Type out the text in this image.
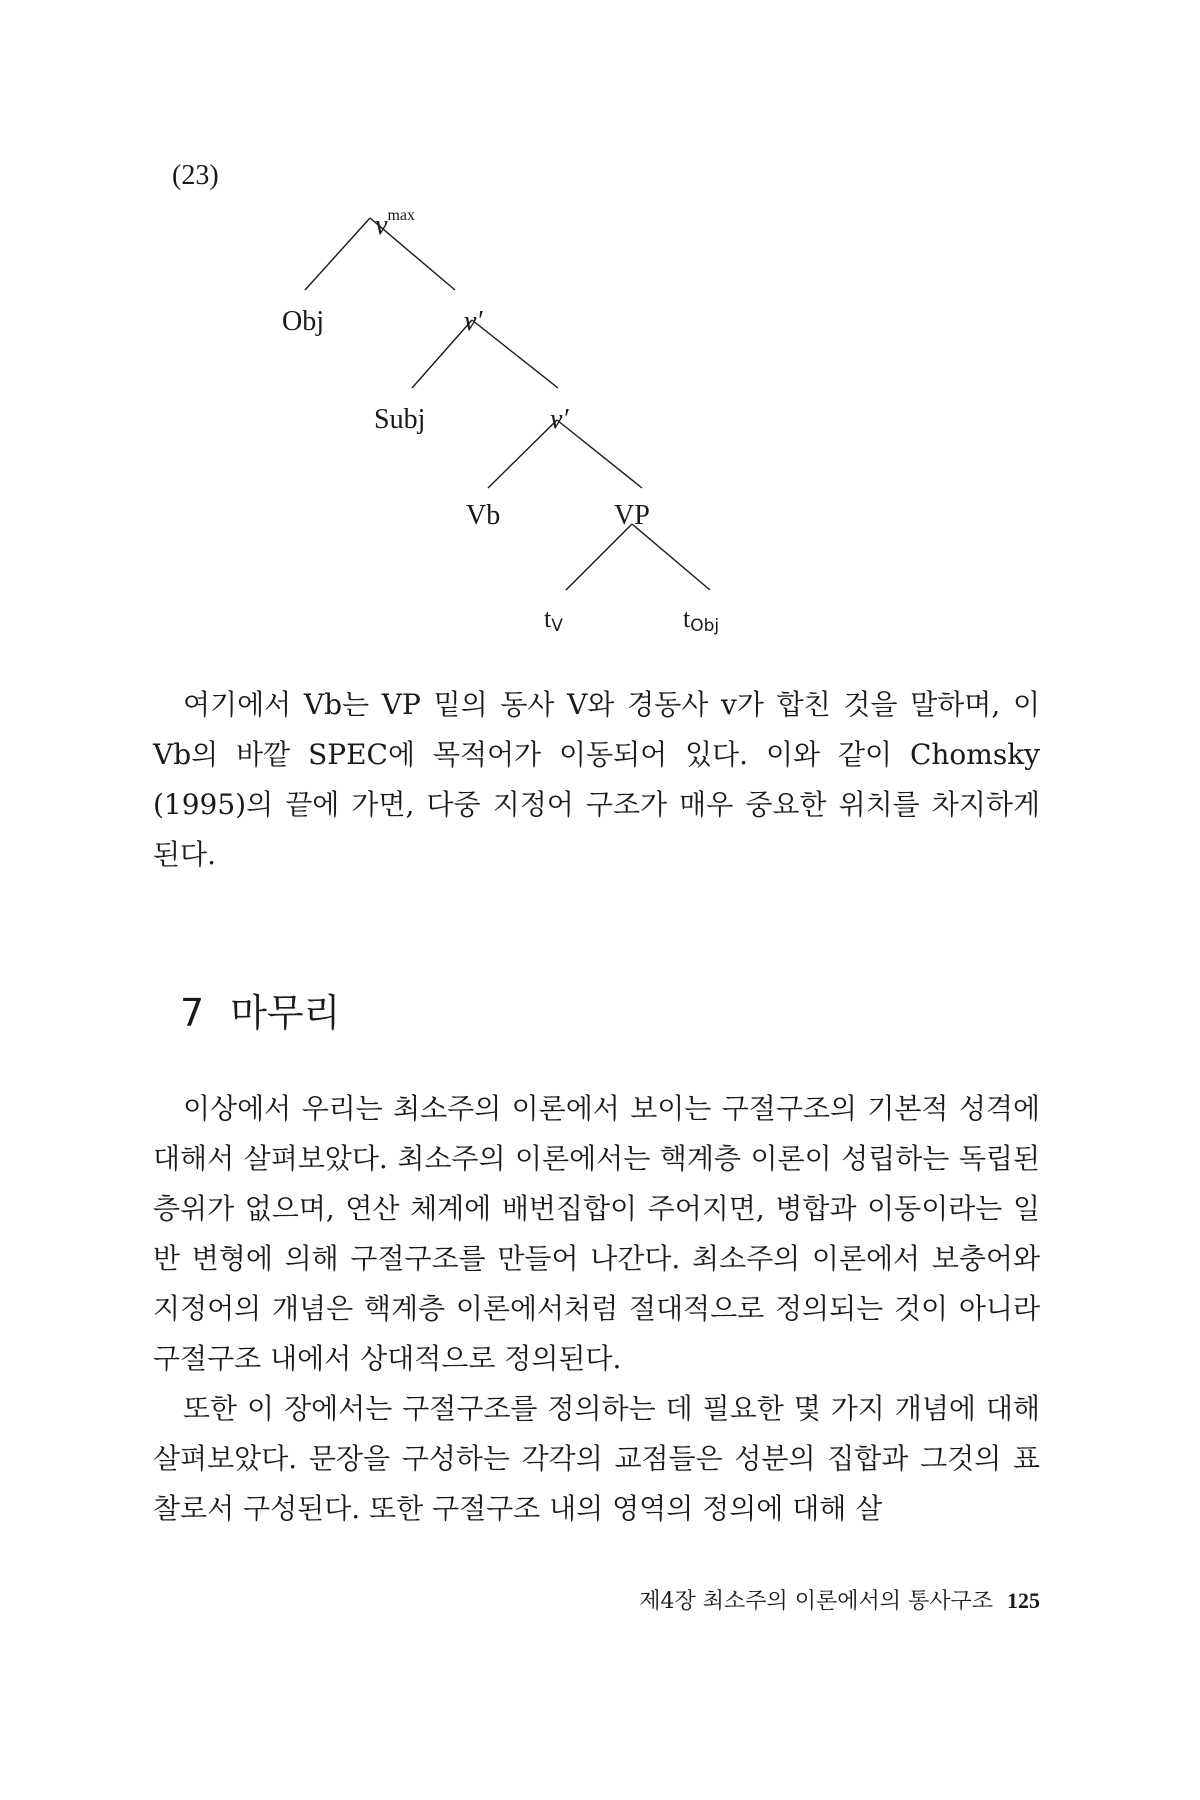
(23)
$v^{max}$
Obj	v′
Subj	v′
Vb	VP
tV	tObj

여기에서 Vb는 VP 밑의 동사 V와 경동사 v가 합친 것을 말하며, 이 Vb의 바깥 SPEC에 목적어가 이동되어 있다. 이와 같이 Chomsky (1995)의 끝에 가면, 다중 지정어 구조가 매우 중요한 위치를 차지하게 된다.

7 마무리

이상에서 우리는 최소주의 이론에서 보이는 구절구조의 기본적 성격에 대해서 살펴보았다. 최소주의 이론에서는 핵계층 이론이 성립하는 독립된 층위가 없으며, 연산 체계에 배번집합이 주어지면, 병합과 이동이라는 일반 변형에 의해 구절구조를 만들어 나간다. 최소주의 이론에서 보충어와 지정어의 개념은 핵계층 이론에서처럼 절대적으로 정의되는 것이 아니라 구절구조 내에서 상대적으로 정의된다.

또한 이 장에서는 구절구조를 정의하는 데 필요한 몇 가지 개념에 대해 살펴보았다. 문장을 구성하는 각각의 교점들은 성분의 집합과 그것의 표찰로서 구성된다. 또한 구절구조 내의 영역의 정의에 대해 살

제4장 최소주의 이론에서의 통사구조 125
